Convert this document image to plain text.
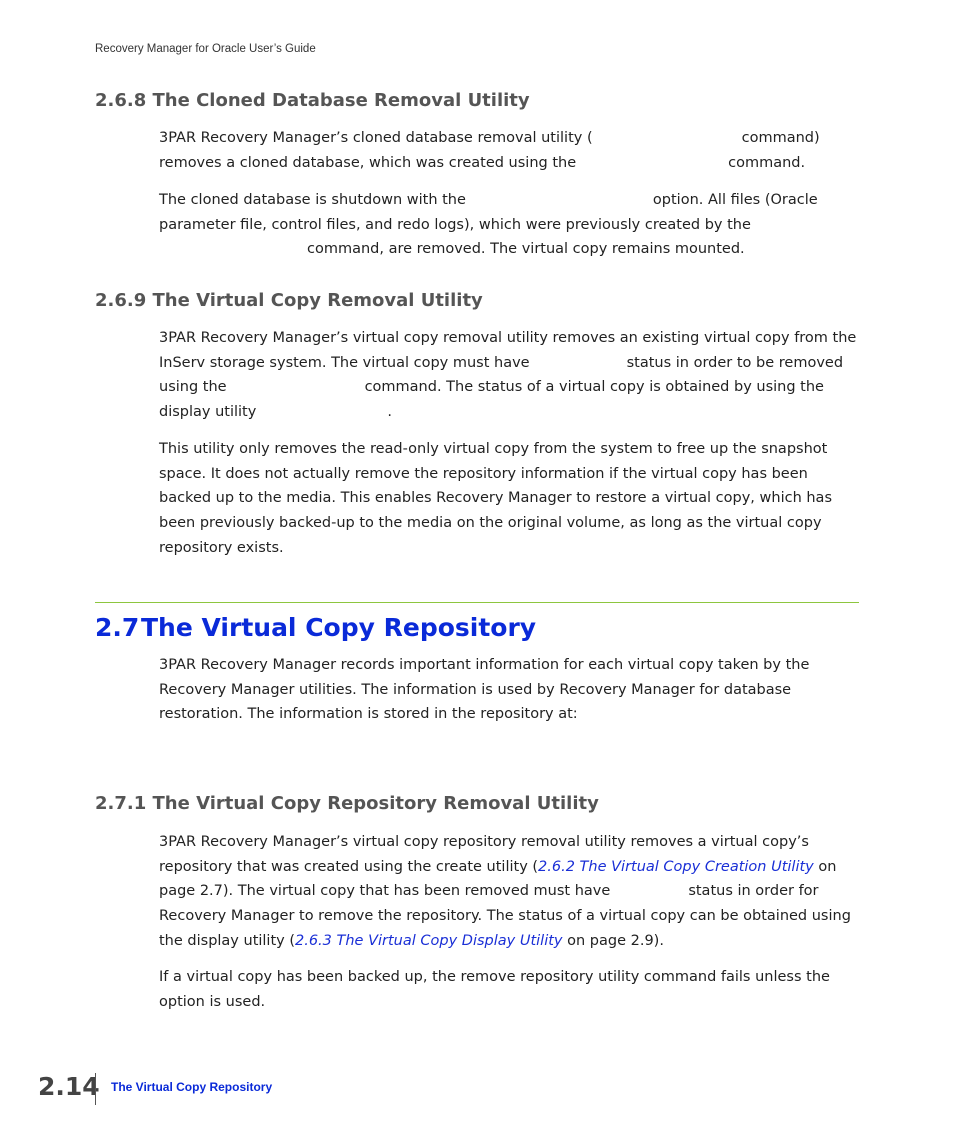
Recovery Manager for Oracle User’s Guide
2.6.8 The Cloned Database Removal Utility

3PAR Recovery Manager’s cloned database removal utility (	command)
removes a cloned database, which was created using the	command.

The cloned database is shutdown with the	option. All files (Oracle
parameter file, control files, and redo logs), which were previously created by the
command, are removed. The virtual copy remains mounted.

2.6.9 The Virtual Copy Removal Utility

3PAR Recovery Manager’s virtual copy removal utility removes an existing virtual copy from the
InServ storage system. The virtual copy must have	status in order to be removed
using the	command. The status of a virtual copy is obtained by using the
display utility	.

This utility only removes the read-only virtual copy from the system to free up the snapshot
space. It does not actually remove the repository information if the virtual copy has been
backed up to the media. This enables Recovery Manager to restore a virtual copy, which has
been previously backed-up to the media on the original volume, as long as the virtual copy
repository exists.

2.7The Virtual Copy Repository

3PAR Recovery Manager records important information for each virtual copy taken by the
Recovery Manager utilities. The information is used by Recovery Manager for database
restoration. The information is stored in the repository at:

2.7.1 The Virtual Copy Repository Removal Utility

3PAR Recovery Manager’s virtual copy repository removal utility removes a virtual copy’s
repository that was created using the create utility (2.6.2 The Virtual Copy Creation Utility on
page 2.7). The virtual copy that has been removed must have	status in order for
Recovery Manager to remove the repository. The status of a virtual copy can be obtained using
the display utility (2.6.3 The Virtual Copy Display Utility on page 2.9).

If a virtual copy has been backed up, the remove repository utility command fails unless the
option is used.

2.14 The Virtual Copy Repository
